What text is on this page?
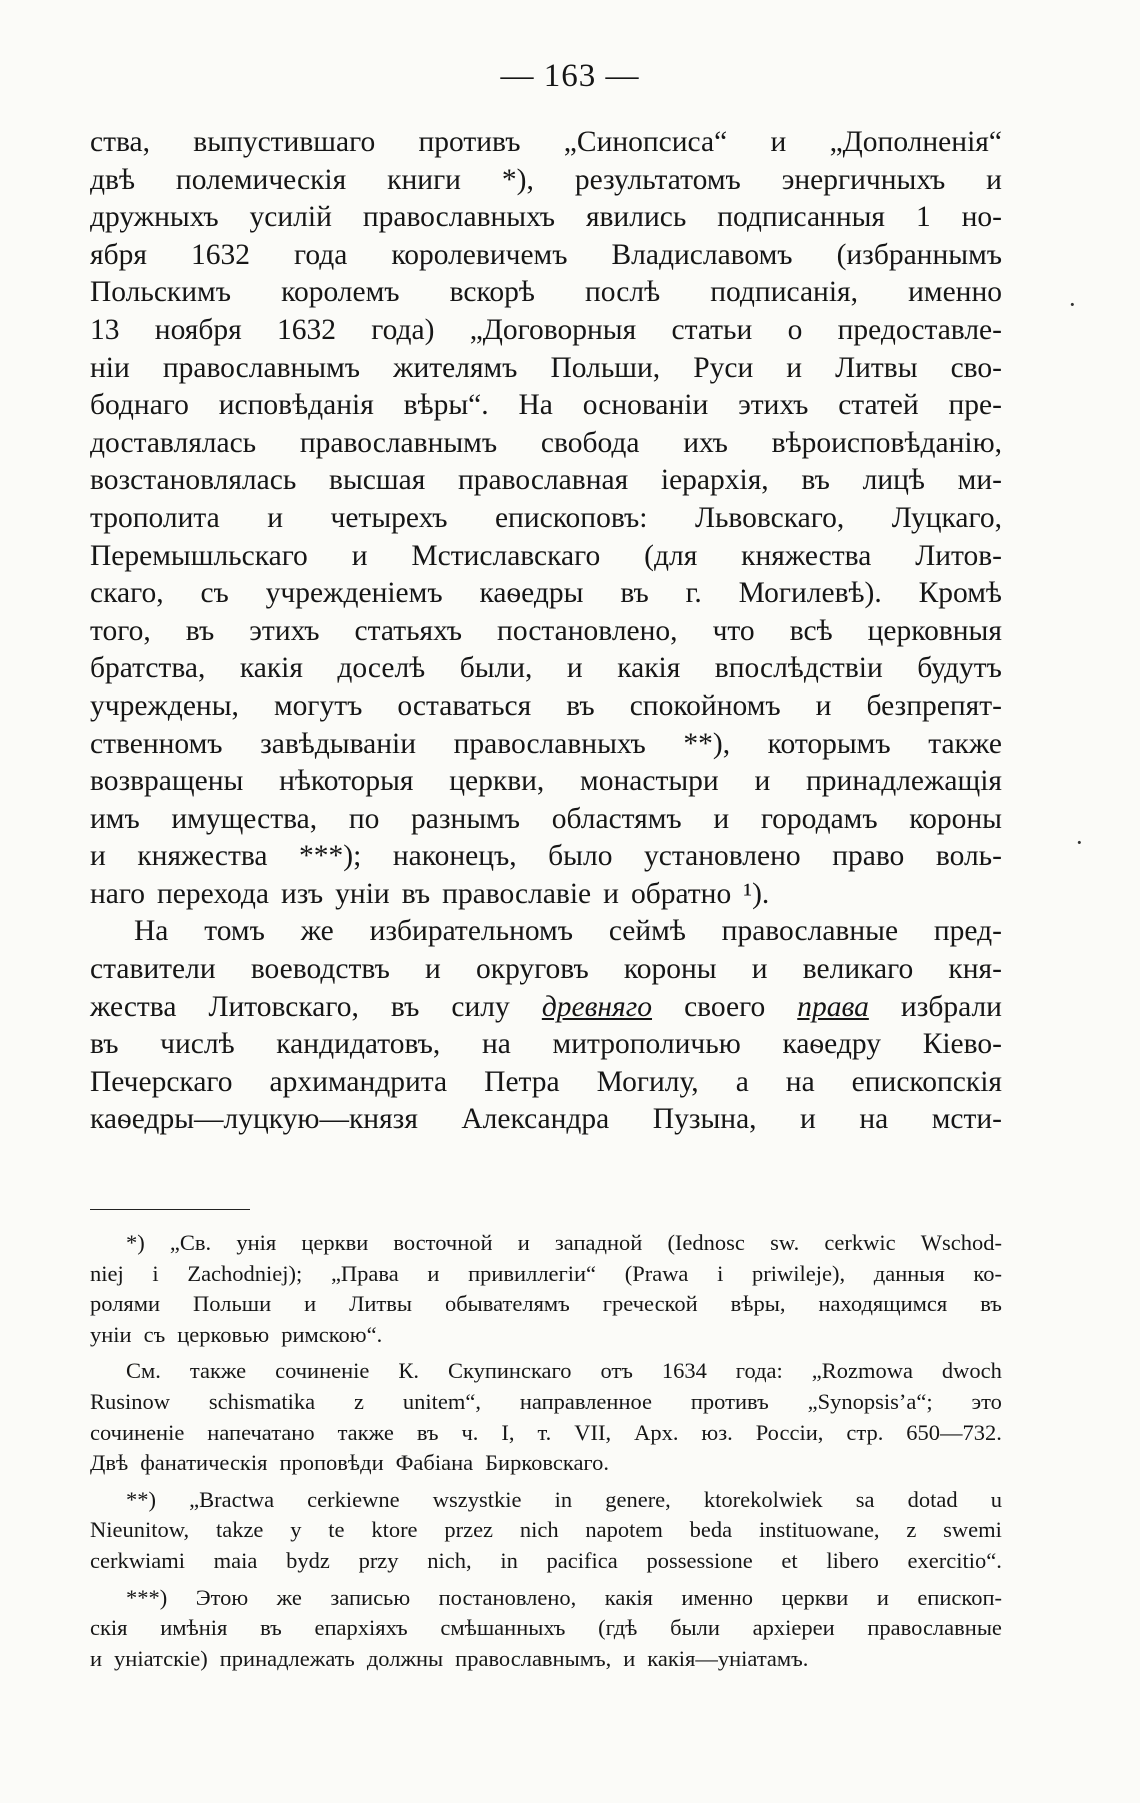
— 163 —
ства, выпустившаго противъ „Синопсиса“ и „Дополненія“
двѣ полемическія книги *), результатомъ энергичныхъ и
дружныхъ усилій православныхъ явились подписанныя 1 но-
ября 1632 года королевичемъ Владиславомъ (избраннымъ
Польскимъ королемъ вскорѣ послѣ подписанія, именно
13 ноября 1632 года) „Договорныя статьи о предоставле-
ніи православнымъ жителямъ Польши, Руси и Литвы сво-
боднаго исповѣданія вѣры“. На основаніи этихъ статей пре-
доставлялась православнымъ свобода ихъ вѣроисповѣданію,
возстановлялась высшая православная іерархія, въ лицѣ ми-
трополита и четырехъ епископовъ: Львовскаго, Луцкаго,
Перемышльскаго и Мстиславскаго (для княжества Литов-
скаго, съ учрежденіемъ каѳедры въ г. Могилевѣ). Кромѣ
того, въ этихъ статьяхъ постановлено, что всѣ церковныя
братства, какія доселѣ были, и какія впослѣдствіи будутъ
учреждены, могутъ оставаться въ спокойномъ и безпрепят-
ственномъ завѣдываніи православныхъ **), которымъ также
возвращены нѣкоторыя церкви, монастыри и принадлежащія
имъ имущества, по разнымъ областямъ и городамъ короны
и княжества ***); наконецъ, было установлено право воль-
наго перехода изъ уніи въ православіе и обратно ¹).
На томъ же избирательномъ сеймѣ православные пред-
ставители воеводствъ и округовъ короны и великаго кня-
жества Литовскаго, въ силу древняго своего права избрали
въ числѣ кандидатовъ, на митрополичью каѳедру Кіево-
Печерскаго архимандрита Петра Могилу, а на епископскія
каѳедры—луцкую—князя Александра Пузына, и на мсти-
*) „Св. унія церкви восточной и западной (Iednosc sw. cerkwic Wschod-
niej i Zachodniej); „Права и привиллегіи“ (Prawa i priwileje), данныя ко-
ролями Польши и Литвы обывателямъ греческой вѣры, находящимся въ
уніи съ церковью римскою“.
См. также сочиненіе К. Скупинскаго отъ 1634 года: „Rozmowa dwoch
Rusinow schismatika z unitem“, направленное противъ „Synopsis’a“; это
сочиненіе напечатано также въ ч. I, т. VII, Арх. юз. Россіи, стр. 650—732.
Двѣ фанатическія проповѣди Фабіана Бирковскаго.
**) „Bractwa cerkiewne wszystkie in genere, ktorekolwiek sa dotad u
Nieunitow, takze y te ktore przez nich napotem beda instituowane, z swemi
cerkwiami maia bydz przy nich, in pacifica possessione et libero exercitio“.
***) Этою же записью постановлено, какія именно церкви и епископ-
скія имѣнія въ епархіяхъ смѣшанныхъ (гдѣ были архіереи православные
и уніатскіе) принадлежать должны православнымъ, и какія—уніатамъ.
·
·
